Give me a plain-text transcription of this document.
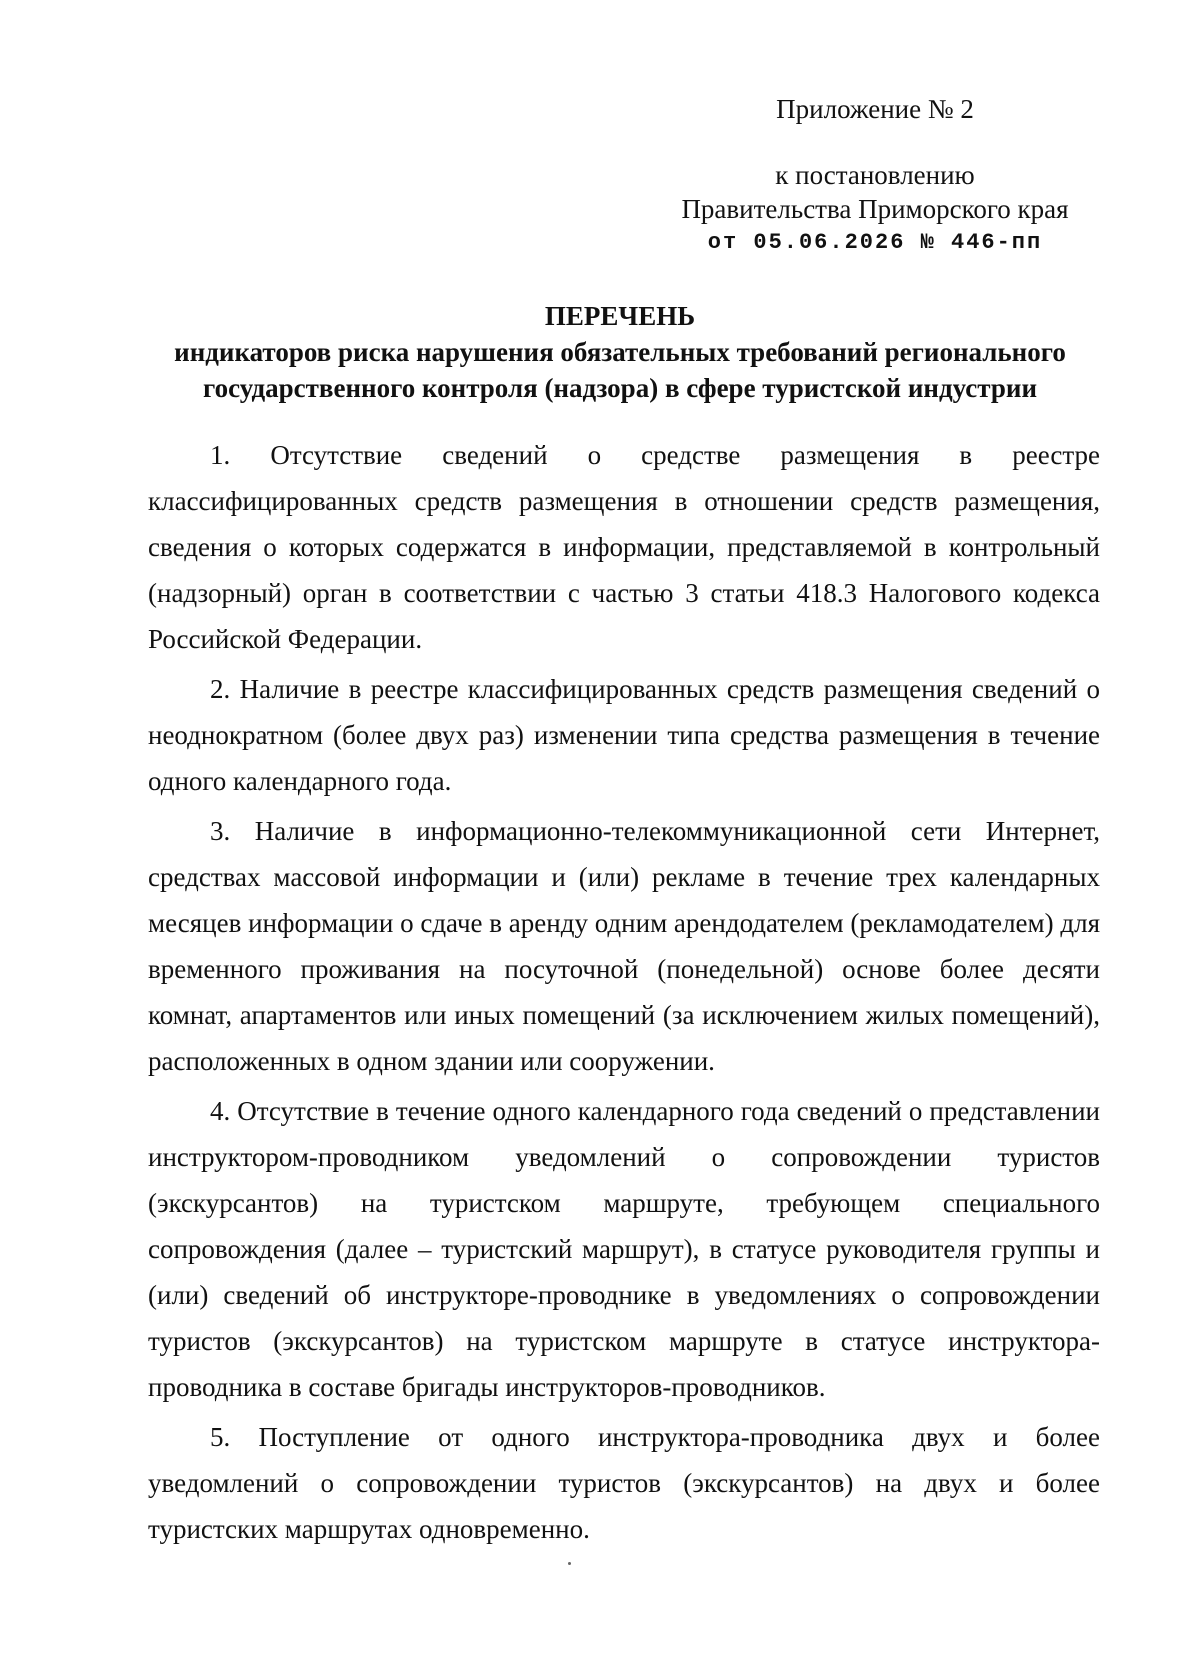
Приложение № 2
к постановлению
Правительства Приморского края
от 05.06.2026 № 446-пп
ПЕРЕЧЕНЬ
индикаторов риска нарушения обязательных требований регионального
государственного контроля (надзора) в сфере туристской индустрии

1. Отсутствие сведений о средстве размещения в реестре классифицированных средств размещения в отношении средств размещения, сведения о которых содержатся в информации, представляемой в контрольный (надзорный) орган в соответствии с частью 3 статьи 418.3 Налогового кодекса Российской Федерации.

2. Наличие в реестре классифицированных средств размещения сведений о неоднократном (более двух раз) изменении типа средства размещения в течение одного календарного года.

3. Наличие в информационно-телекоммуникационной сети Интернет, средствах массовой информации и (или) рекламе в течение трех календарных месяцев информации о сдаче в аренду одним арендодателем (рекламодателем) для временного проживания на посуточной (понедельной) основе более десяти комнат, апартаментов или иных помещений (за исключением жилых помещений), расположенных в одном здании или сооружении.

4. Отсутствие в течение одного календарного года сведений о представлении инструктором-проводником уведомлений о сопровождении туристов (экскурсантов) на туристском маршруте, требующем специального сопровождения (далее – туристский маршрут), в статусе руководителя группы и (или) сведений об инструкторе-проводнике в уведомлениях о сопровождении туристов (экскурсантов) на туристском маршруте в статусе инструктора-проводника в составе бригады инструкторов-проводников.

5. Поступление от одного инструктора-проводника двух и более уведомлений о сопровождении туристов (экскурсантов) на двух и более туристских маршрутах одновременно.
